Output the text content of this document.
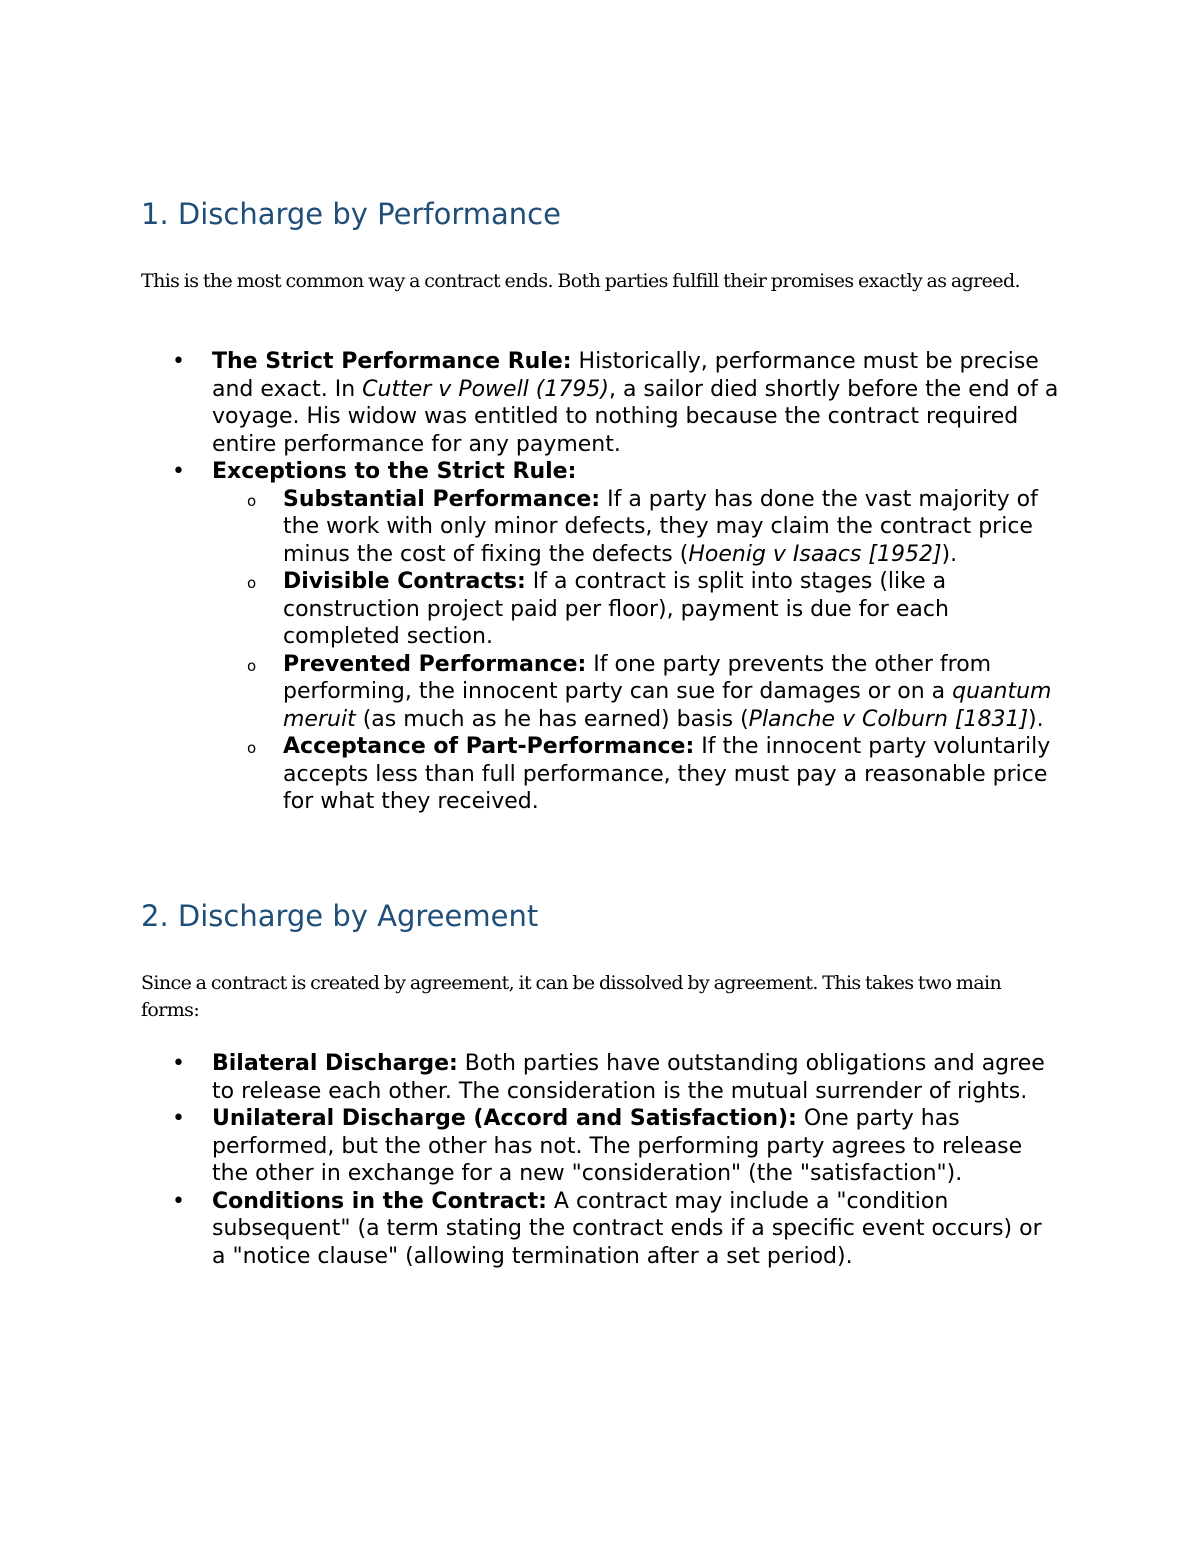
1. Discharge by Performance

This is the most common way a contract ends. Both parties fulfill their promises exactly as agreed.

• The Strict Performance Rule: Historically, performance must be precise and exact. In Cutter v Powell (1795), a sailor died shortly before the end of a voyage. His widow was entitled to nothing because the contract required entire performance for any payment.
• Exceptions to the Strict Rule:
o Substantial Performance: If a party has done the vast majority of the work with only minor defects, they may claim the contract price minus the cost of fixing the defects (Hoenig v Isaacs [1952]).
o Divisible Contracts: If a contract is split into stages (like a construction project paid per floor), payment is due for each completed section.
o Prevented Performance: If one party prevents the other from performing, the innocent party can sue for damages or on a quantum meruit (as much as he has earned) basis (Planche v Colburn [1831]).
o Acceptance of Part-Performance: If the innocent party voluntarily accepts less than full performance, they must pay a reasonable price for what they received.
2. Discharge by Agreement

Since a contract is created by agreement, it can be dissolved by agreement. This takes two main forms:

• Bilateral Discharge: Both parties have outstanding obligations and agree to release each other. The consideration is the mutual surrender of rights.
• Unilateral Discharge (Accord and Satisfaction): One party has performed, but the other has not. The performing party agrees to release the other in exchange for a new "consideration" (the "satisfaction").
• Conditions in the Contract: A contract may include a "condition subsequent" (a term stating the contract ends if a specific event occurs) or a "notice clause" (allowing termination after a set period).
